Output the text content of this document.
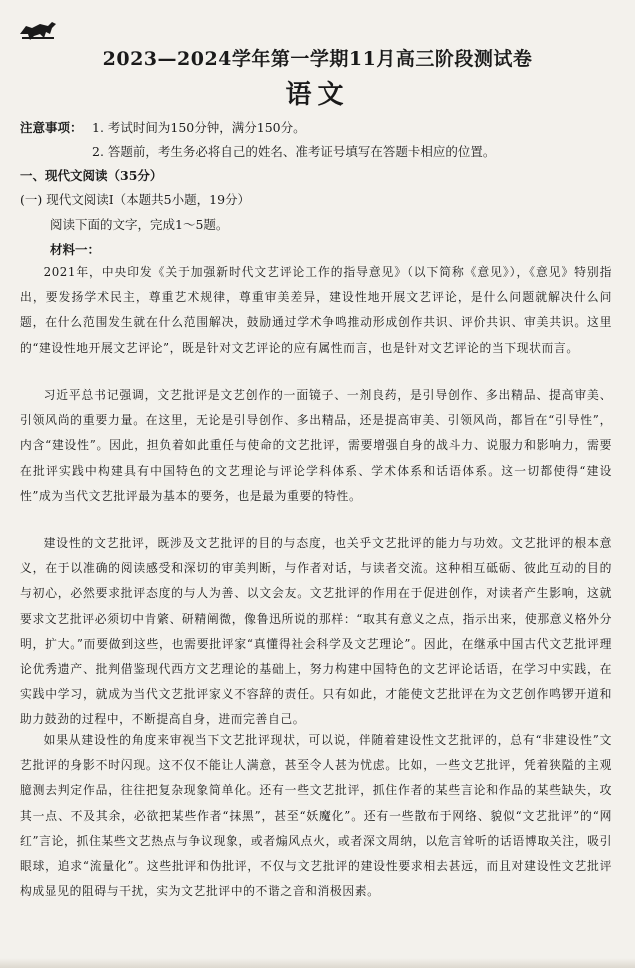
2023—2024学年第一学期11月高三阶段测试卷
语文
注意事项： 1. 考试时间为150分钟，满分150分。
2. 答题前，考生务必将自己的姓名、准考证号填写在答题卡相应的位置。
一、现代文阅读（35分）
(一) 现代文阅读Ⅰ（本题共5小题，19分）
阅读下面的文字，完成1～5题。
材料一：
2021年，中央印发《关于加强新时代文艺评论工作的指导意见》（以下简称《意见》），《意见》特别指出，要发扬学术民主，尊重艺术规律，尊重审美差异，建设性地开展文艺评论，是什么问题就解决什么问题，在什么范围发生就在什么范围解决，鼓励通过学术争鸣推动形成创作共识、评价共识、审美共识。这里的“建设性地开展文艺评论”，既是针对文艺评论的应有属性而言，也是针对文艺评论的当下现状而言。
习近平总书记强调，文艺批评是文艺创作的一面镜子、一剂良药，是引导创作、多出精品、提高审美、引领风尚的重要力量。在这里，无论是引导创作、多出精品，还是提高审美、引领风尚，都旨在“引导性”，内含“建设性”。因此，担负着如此重任与使命的文艺批评，需要增强自身的战斗力、说服力和影响力，需要在批评实践中构建具有中国特色的文艺理论与评论学科体系、学术体系和话语体系。这一切都使得“建设性”成为当代文艺批评最为基本的要务，也是最为重要的特性。
建设性的文艺批评，既涉及文艺批评的目的与态度，也关乎文艺批评的能力与功效。文艺批评的根本意义，在于以准确的阅读感受和深切的审美判断，与作者对话，与读者交流。这种相互砥砺、彼此互动的目的与初心，必然要求批评态度的与人为善、以文会友。文艺批评的作用在于促进创作，对读者产生影响，这就要求文艺批评必须切中肯綮、研精阐微，像鲁迅所说的那样：“取其有意义之点，指示出来，使那意义格外分明，扩大。”而要做到这些，也需要批评家“真懂得社会科学及文艺理论”。因此，在继承中国古代文艺批评理论优秀遗产、批判借鉴现代西方文艺理论的基础上，努力构建中国特色的文艺评论话语，在学习中实践，在实践中学习，就成为当代文艺批评家义不容辞的责任。只有如此，才能使文艺批评在为文艺创作鸣锣开道和助力鼓劲的过程中，不断提高自身，进而完善自己。
如果从建设性的角度来审视当下文艺批评现状，可以说，伴随着建设性文艺批评的，总有“非建设性”文艺批评的身影不时闪现。这不仅不能让人满意，甚至令人甚为忧虑。比如，一些文艺批评，凭着狭隘的主观臆测去判定作品，往往把复杂现象简单化。还有一些文艺批评，抓住作者的某些言论和作品的某些缺失，攻其一点、不及其余，必欲把某些作者“抹黑”，甚至“妖魔化”。还有一些散布于网络、貌似“文艺批评”的“网红”言论，抓住某些文艺热点与争议现象，或者煽风点火，或者深文周纳，以危言耸听的话语博取关注，吸引眼球，追求“流量化”。这些批评和伪批评，不仅与文艺批评的建设性要求相去甚远，而且对建设性文艺批评构成显见的阻碍与干扰，实为文艺批评中的不谐之音和消极因素。
